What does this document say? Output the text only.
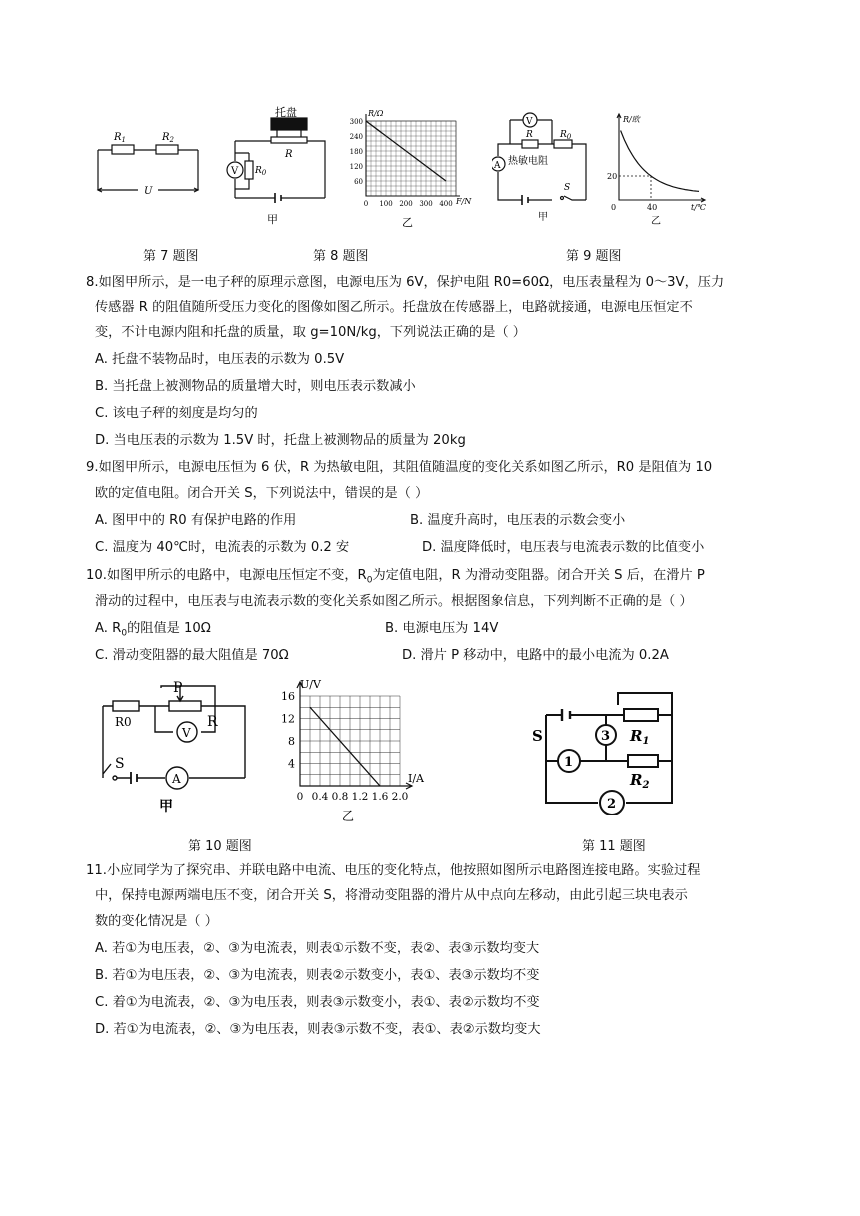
$R_1$	$R_2$
U
第 7 题图
托盘
R
V $R_0$
甲
R/Ω
F/N
300
240
180
120
60
0 100 200 300 400
乙
第 8 题图
V
R	$R_0$
热敏电阻
A
S
甲
R/欧
t/℃
20
40
0
乙
第 9 题图
8.如图甲所示，是一电子秤的原理示意图，电源电压为 6V，保护电阻 R0=60Ω，电压表量程为 0～3V，压力
传感器 R 的阻值随所受压力变化的图像如图乙所示。托盘放在传感器上，电路就接通，电源电压恒定不
变，不计电源内阻和托盘的质量，取 g=10N/kg，下列说法正确的是（ ）
A. 托盘不装物品时，电压表的示数为 0.5V
B. 当托盘上被测物品的质量增大时，则电压表示数减小
C. 该电子秤的刻度是均匀的
D. 当电压表的示数为 1.5V 时，托盘上被测物品的质量为 20kg
9.如图甲所示，电源电压恒为 6 伏，R 为热敏电阻，其阻值随温度的变化关系如图乙所示，R0 是阻值为 10
欧的定值电阻。闭合开关 S，下列说法中，错误的是（ ）
A. 图甲中的 R0 有保护电路的作用	B. 温度升高时，电压表的示数会变小
C. 温度为 40℃时，电流表的示数为 0.2 安	D. 温度降低时，电压表与电流表示数的比值变小
10.如图甲所示的电路中，电源电压恒定不变，$R_0$为定值电阻，R 为滑动变阻器。闭合开关 S 后，在滑片 P
滑动的过程中，电压表与电流表示数的变化关系如图乙所示。根据图象信息，下列判断不正确的是（ ）
A. $R_0$的阻值是 10Ω	B. 电源电压为 14V
C. 滑动变阻器的最大阻值是 70Ω	D. 滑片 P 移动中，电路中的最小电流为 0.2A
P
R0	R
V
S
A
甲
U/V
I/A
16
12
8
4
0 0.4 0.8 1.2 1.6 2.0
乙
S	3
1
2
$R_1$
$R_2$
第 10 题图	第 11 题图
11.小应同学为了探究串、并联电路中电流、电压的变化特点，他按照如图所示电路图连接电路。实验过程
中，保持电源两端电压不变，闭合开关 S，将滑动变阻器的滑片从中点向左移动，由此引起三块电表示
数的变化情况是（ ）
A. 若①为电压表，②、③为电流表，则表①示数不变，表②、表③示数均变大
B. 若①为电压表，②、③为电流表，则表②示数变小，表①、表③示数均不变
C. 着①为电流表，②、③为电压表，则表③示数变小，表①、表②示数均不变
D. 若①为电流表，②、③为电压表，则表③示数不变，表①、表②示数均变大
